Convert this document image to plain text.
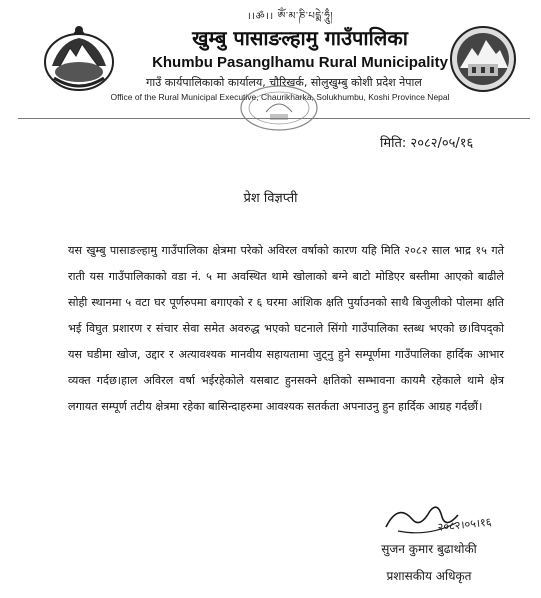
।।ॐ।। ཨོཾ་མ་ཎི་པདྨེ་ཧཱུྃ།
खुम्बु पासाङल्हामु गाउँपालिका
Khumbu Pasanglhamu Rural Municipality
गाउँ कार्यपालिकाको कार्यालय, चौरिखर्क, सोलुखुम्बु कोशी प्रदेश नेपाल
Office of the Rural Municipal Executive, Chaurikharka, Solukhumbu, Koshi Province Nepal
मिति: २०८२/०५/१६
प्रेश विज्ञप्ती

यस खुम्बु पासाङल्हामु गाउँपालिका क्षेत्रमा परेको अविरल वर्षाको कारण यहि मिति २०८२ साल भाद्र १५ गते राती यस गाउँपालिकाको वडा नं. ५ मा अवस्थित थामे खोलाको बग्ने बाटो मोडिएर बस्तीमा आएको बाढीले सोही स्थानमा ५ वटा घर पूर्णरुपमा बगाएको र ६ घरमा आंशिक क्षति पुर्याउनको साथै बिजुलीको पोलमा क्षति भई विघुत प्रशारण र संचार सेवा समेत अवरुद्ध भएको घटनाले सिंगो गाउँपालिका स्तब्ध भएको छ।विपद्को यस घडीमा खोज, उद्दार र अत्यावश्यक मानवीय सहायतामा जुट्नु हुने सम्पूर्णमा गाउँपालिका हार्दिक आभार व्यक्त गर्दछ।हाल अविरल वर्षा भईरहेकोले यसबाट हुनसक्ने क्षतिको सम्भावना कायमै रहेकाले थामे क्षेत्र लगायत सम्पूर्ण तटीय क्षेत्रमा रहेका बासिन्दाहरुमा आवश्यक सतर्कता अपनाउनु हुन हार्दिक आग्रह गर्दछौं।

२०८२।०५।१६
सुजन कुमार बुढाथोकी
प्रशासकीय अधिकृत
